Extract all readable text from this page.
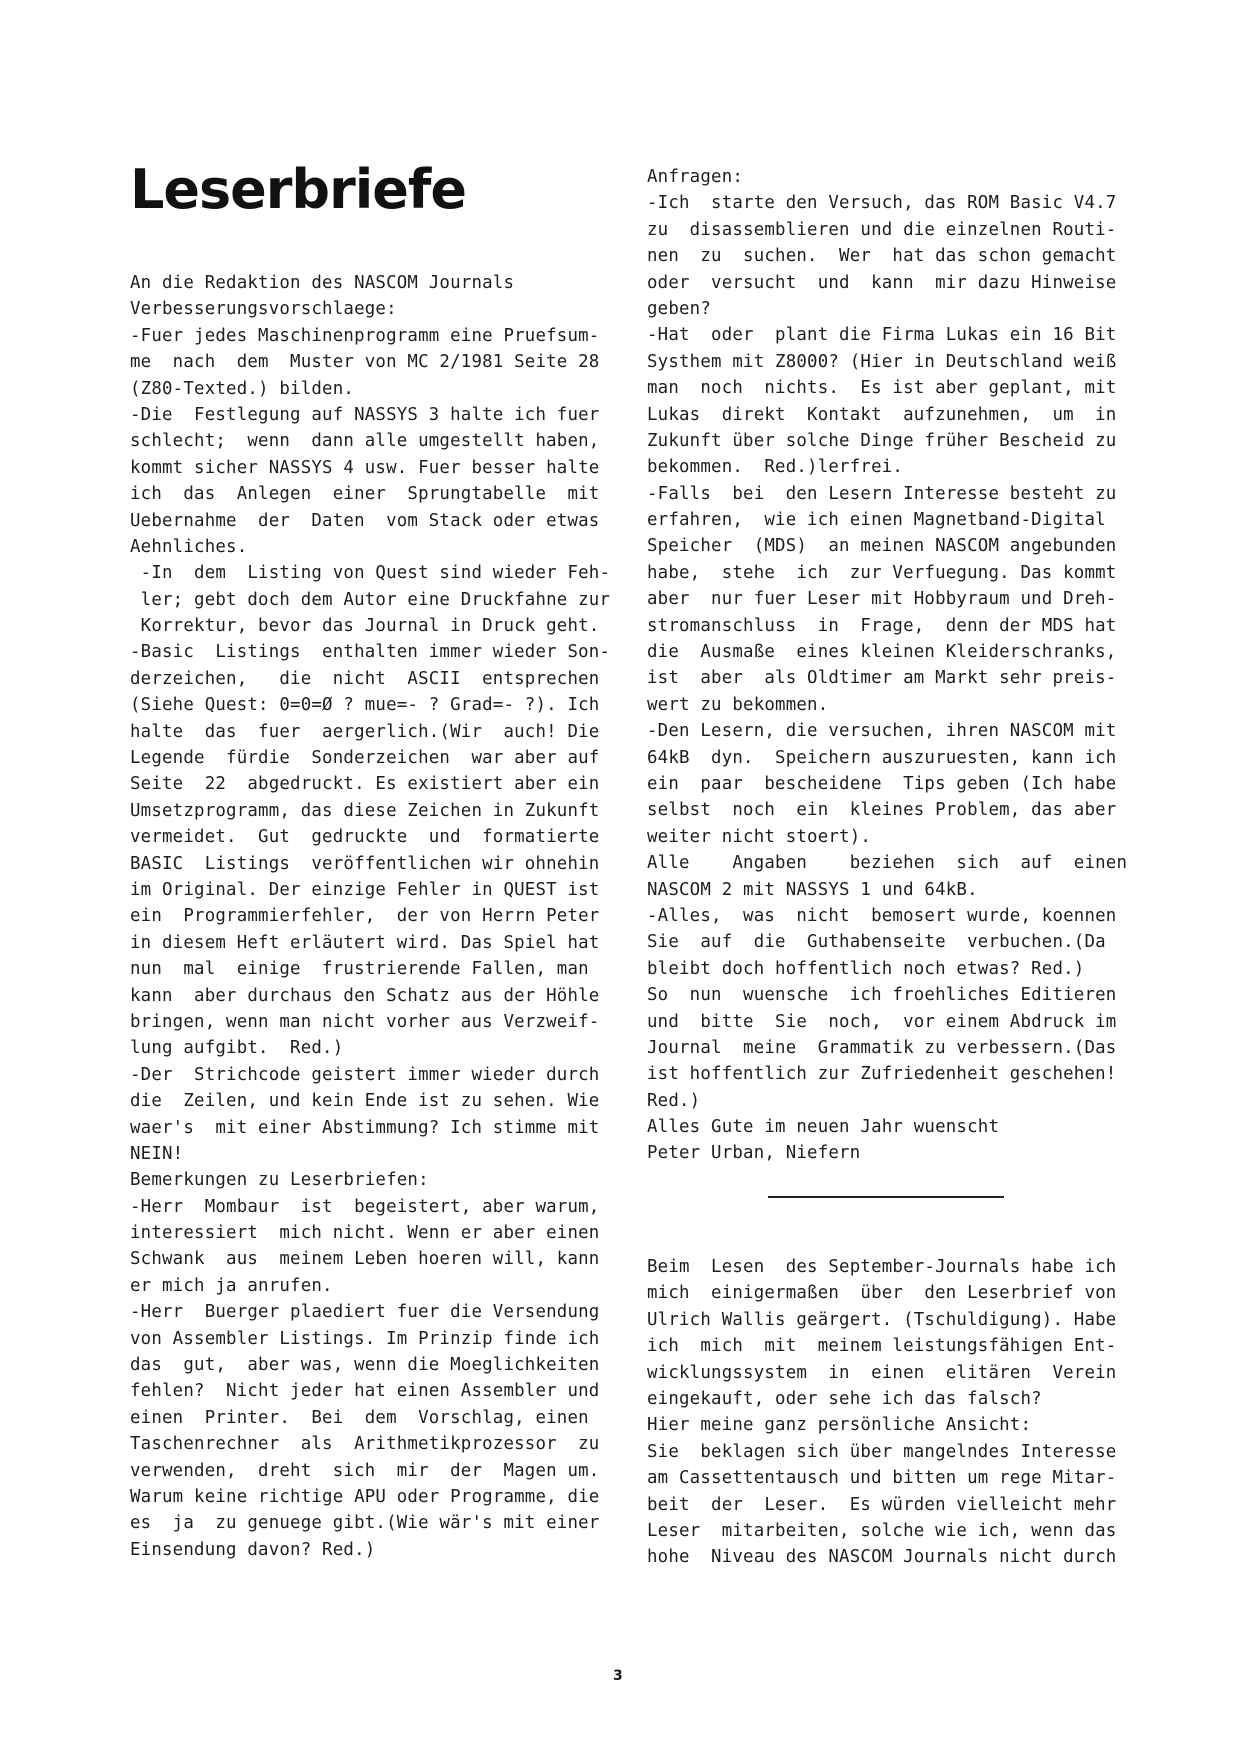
Leserbriefe
An die Redaktion des NASCOM Journals
Verbesserungsvorschlaege:
-Fuer jedes Maschinenprogramm eine Pruefsum-
me  nach  dem  Muster von MC 2/1981 Seite 28
(Z80-Texted.) bilden.
-Die  Festlegung auf NASSYS 3 halte ich fuer
schlecht;  wenn  dann alle umgestellt haben,
kommt sicher NASSYS 4 usw. Fuer besser halte
ich  das  Anlegen  einer  Sprungtabelle  mit
Uebernahme  der  Daten  vom Stack oder etwas
Aehnliches.
-In  dem  Listing von Quest sind wieder Feh-
ler; gebt doch dem Autor eine Druckfahne zur
Korrektur, bevor das Journal in Druck geht.
-Basic  Listings  enthalten immer wieder Son-
derzeichen,   die  nicht  ASCII  entsprechen
(Siehe Quest: 0=0=Ø ? mue=- ? Grad=- ?). Ich
halte  das  fuer  aergerlich.(Wir  auch! Die
Legende  fürdie  Sonderzeichen  war aber auf
Seite  22  abgedruckt. Es existiert aber ein
Umsetzprogramm, das diese Zeichen in Zukunft
vermeidet.  Gut  gedruckte  und  formatierte
BASIC  Listings  veröffentlichen wir ohnehin
im Original. Der einzige Fehler in QUEST ist
ein  Programmierfehler,  der von Herrn Peter
in diesem Heft erläutert wird. Das Spiel hat
nun  mal  einige  frustrierende Fallen, man
kann  aber durchaus den Schatz aus der Höhle
bringen, wenn man nicht vorher aus Verzweif-
lung aufgibt.  Red.)
-Der  Strichcode geistert immer wieder durch
die  Zeilen, und kein Ende ist zu sehen. Wie
waer's  mit einer Abstimmung? Ich stimme mit
NEIN!
Bemerkungen zu Leserbriefen:
-Herr  Mombaur  ist  begeistert, aber warum,
interessiert  mich nicht. Wenn er aber einen
Schwank  aus  meinem Leben hoeren will, kann
er mich ja anrufen.
-Herr  Buerger plaediert fuer die Versendung
von Assembler Listings. Im Prinzip finde ich
das  gut,  aber was, wenn die Moeglichkeiten
fehlen?  Nicht jeder hat einen Assembler und
einen  Printer.  Bei  dem  Vorschlag, einen
Taschenrechner  als  Arithmetikprozessor  zu
verwenden,  dreht  sich  mir  der  Magen um.
Warum keine richtige APU oder Programme, die
es  ja  zu genuege gibt.(Wie wär's mit einer
Einsendung davon? Red.)
Anfragen:
-Ich  starte den Versuch, das ROM Basic V4.7
zu  disassemblieren und die einzelnen Routi-
nen  zu  suchen.  Wer  hat das schon gemacht
oder  versucht  und  kann  mir dazu Hinweise
geben?
-Hat  oder  plant die Firma Lukas ein 16 Bit
Systhem mit Z8000? (Hier in Deutschland weiß
man  noch  nichts.  Es ist aber geplant, mit
Lukas  direkt  Kontakt  aufzunehmen,  um  in
Zukunft über solche Dinge früher Bescheid zu
bekommen.  Red.)lerfrei.
-Falls  bei  den Lesern Interesse besteht zu
erfahren,  wie ich einen Magnetband-Digital
Speicher  (MDS)  an meinen NASCOM angebunden
habe,  stehe  ich  zur Verfuegung. Das kommt
aber  nur fuer Leser mit Hobbyraum und Dreh-
stromanschluss  in  Frage,  denn der MDS hat
die  Ausmaße  eines kleinen Kleiderschranks,
ist  aber  als Oldtimer am Markt sehr preis-
wert zu bekommen.
-Den Lesern, die versuchen, ihren NASCOM mit
64kB  dyn.  Speichern auszuruesten, kann ich
ein  paar  bescheidene  Tips geben (Ich habe
selbst  noch  ein  kleines Problem, das aber
weiter nicht stoert).
Alle    Angaben    beziehen  sich  auf  einen
NASCOM 2 mit NASSYS 1 und 64kB.
-Alles,  was  nicht  bemosert wurde, koennen
Sie  auf  die  Guthabenseite  verbuchen.(Da
bleibt doch hoffentlich noch etwas? Red.)
So  nun  wuensche  ich froehliches Editieren
und  bitte  Sie  noch,  vor einem Abdruck im
Journal  meine  Grammatik zu verbessern.(Das
ist hoffentlich zur Zufriedenheit geschehen!
Red.)
Alles Gute im neuen Jahr wuenscht
Peter Urban, Niefern
Beim  Lesen  des September-Journals habe ich
mich  einigermaßen  über  den Leserbrief von
Ulrich Wallis geärgert. (Tschuldigung). Habe
ich  mich  mit  meinem leistungsfähigen Ent-
wicklungssystem  in  einen  elitären  Verein
eingekauft, oder sehe ich das falsch?
Hier meine ganz persönliche Ansicht:
Sie  beklagen sich über mangelndes Interesse
am Cassettentausch und bitten um rege Mitar-
beit  der  Leser.  Es würden vielleicht mehr
Leser  mitarbeiten, solche wie ich, wenn das
hohe  Niveau des NASCOM Journals nicht durch
3
